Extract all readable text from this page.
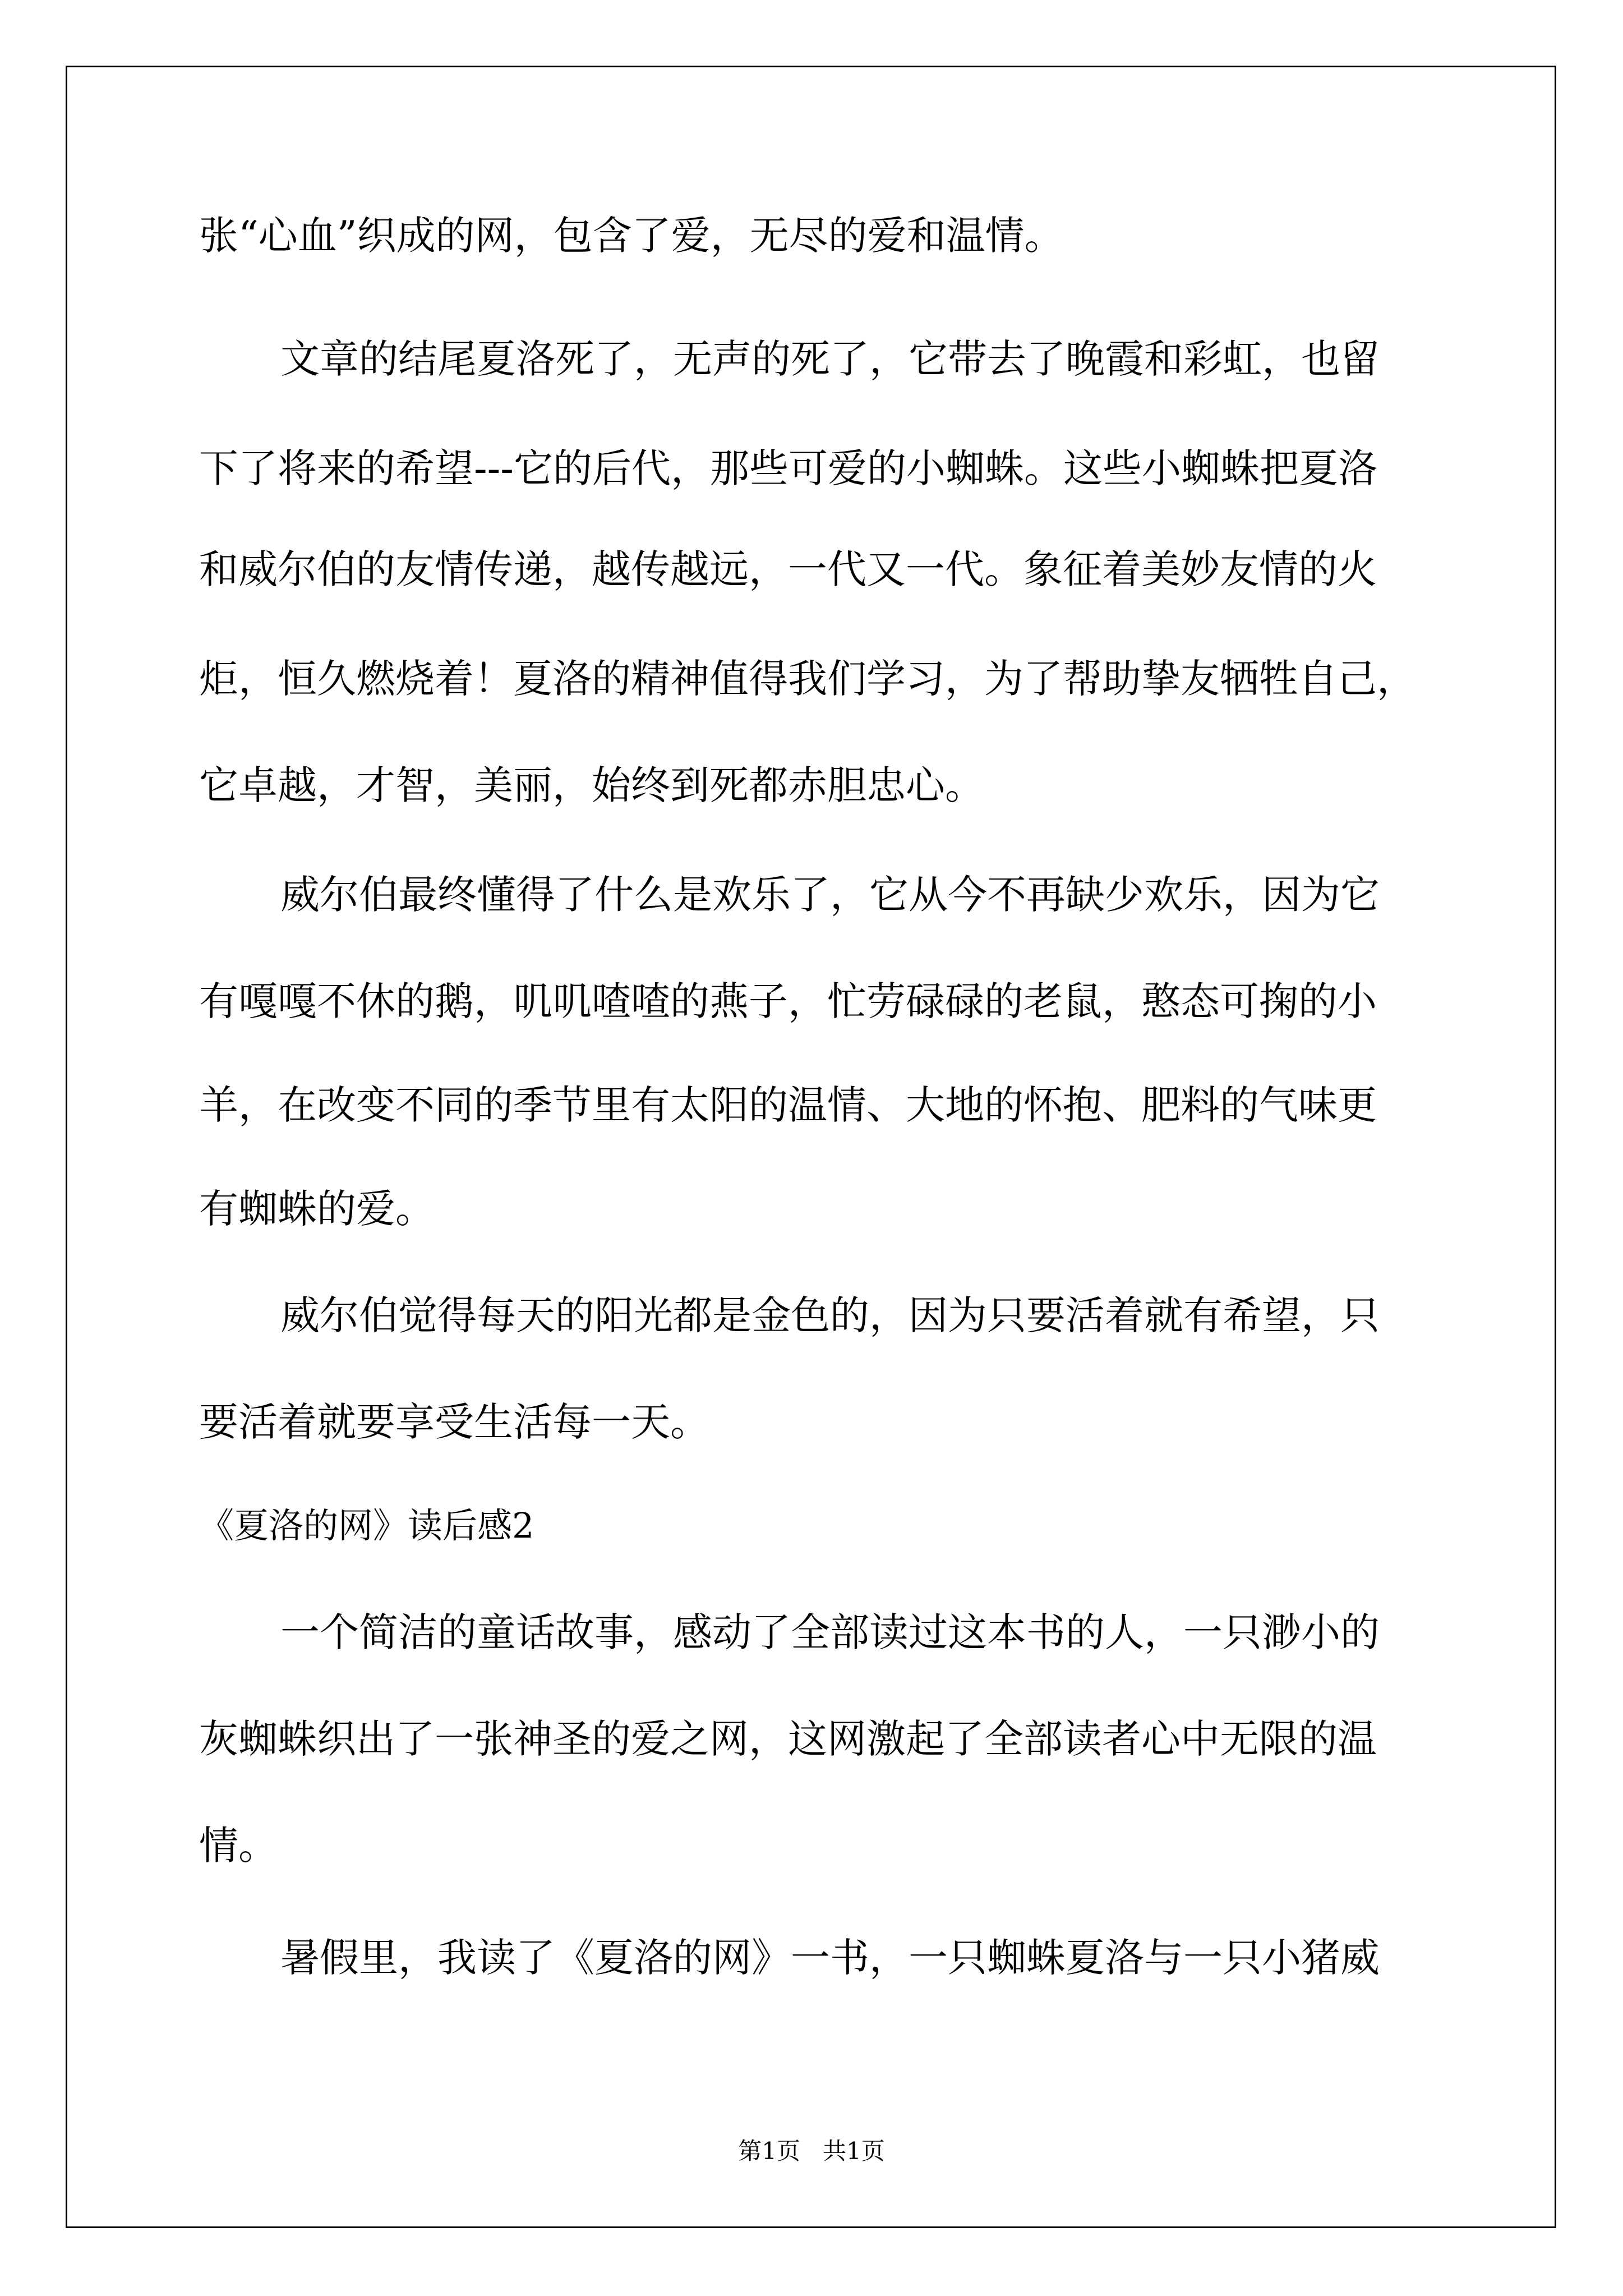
张“心血”织成的网，包含了爱，无尽的爱和温情。
文章的结尾夏洛死了，无声的死了，它带去了晚霞和彩虹，也留
下了将来的希望---它的后代，那些可爱的小蜘蛛。这些小蜘蛛把夏洛
和威尔伯的友情传递，越传越远，一代又一代。象征着美妙友情的火
炬，恒久燃烧着！夏洛的精神值得我们学习，为了帮助挚友牺牲自己，
它卓越，才智，美丽，始终到死都赤胆忠心。
威尔伯最终懂得了什么是欢乐了，它从今不再缺少欢乐，因为它
有嘎嘎不休的鹅，叽叽喳喳的燕子，忙劳碌碌的老鼠，憨态可掬的小
羊，在改变不同的季节里有太阳的温情、大地的怀抱、肥料的气味更
有蜘蛛的爱。
威尔伯觉得每天的阳光都是金色的，因为只要活着就有希望，只
要活着就要享受生活每一天。
《夏洛的网》读后感2
一个简洁的童话故事，感动了全部读过这本书的人，一只渺小的
灰蜘蛛织出了一张神圣的爱之网，这网激起了全部读者心中无限的温
情。
暑假里，我读了《夏洛的网》一书，一只蜘蛛夏洛与一只小猪威
第1页   共1页
